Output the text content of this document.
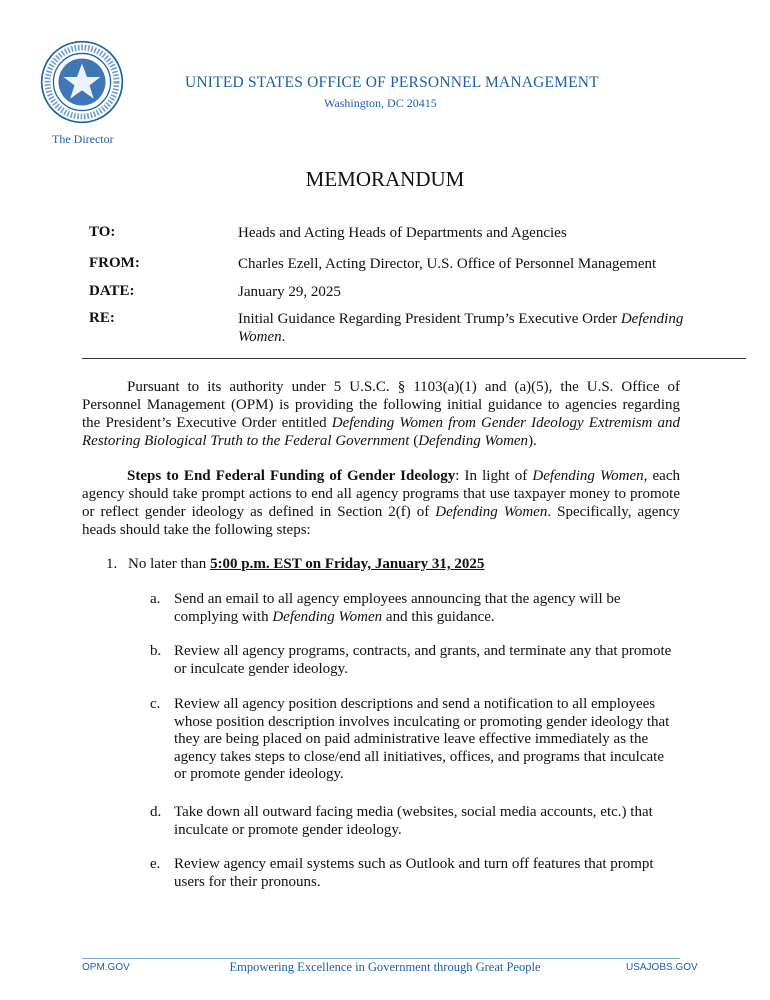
The Director
UNITED STATES OFFICE OF PERSONNEL MANAGEMENT
Washington, DC 20415
MEMORANDUM
TO:	Heads and Acting Heads of Departments and Agencies
FROM:	Charles Ezell, Acting Director, U.S. Office of Personnel Management
DATE:	January 29, 2025
RE:	Initial Guidance Regarding President Trump’s Executive Order Defending Women.
Pursuant to its authority under 5 U.S.C. § 1103(a)(1) and (a)(5), the U.S. Office of Personnel Management (OPM) is providing the following initial guidance to agencies regarding the President’s Executive Order entitled Defending Women from Gender Ideology Extremism and Restoring Biological Truth to the Federal Government (Defending Women).
Steps to End Federal Funding of Gender Ideology: In light of Defending Women, each agency should take prompt actions to end all agency programs that use taxpayer money to promote or reflect gender ideology as defined in Section 2(f) of Defending Women. Specifically, agency heads should take the following steps:
1. No later than 5:00 p.m. EST on Friday, January 31, 2025
a. Send an email to all agency employees announcing that the agency will be complying with Defending Women and this guidance.
b. Review all agency programs, contracts, and grants, and terminate any that promote or inculcate gender ideology.
c. Review all agency position descriptions and send a notification to all employees whose position description involves inculcating or promoting gender ideology that they are being placed on paid administrative leave effective immediately as the agency takes steps to close/end all initiatives, offices, and programs that inculcate or promote gender ideology.
d. Take down all outward facing media (websites, social media accounts, etc.) that inculcate or promote gender ideology.
e. Review agency email systems such as Outlook and turn off features that prompt users for their pronouns.
OPM.GOV	Empowering Excellence in Government through Great People	USAJOBS.GOV
